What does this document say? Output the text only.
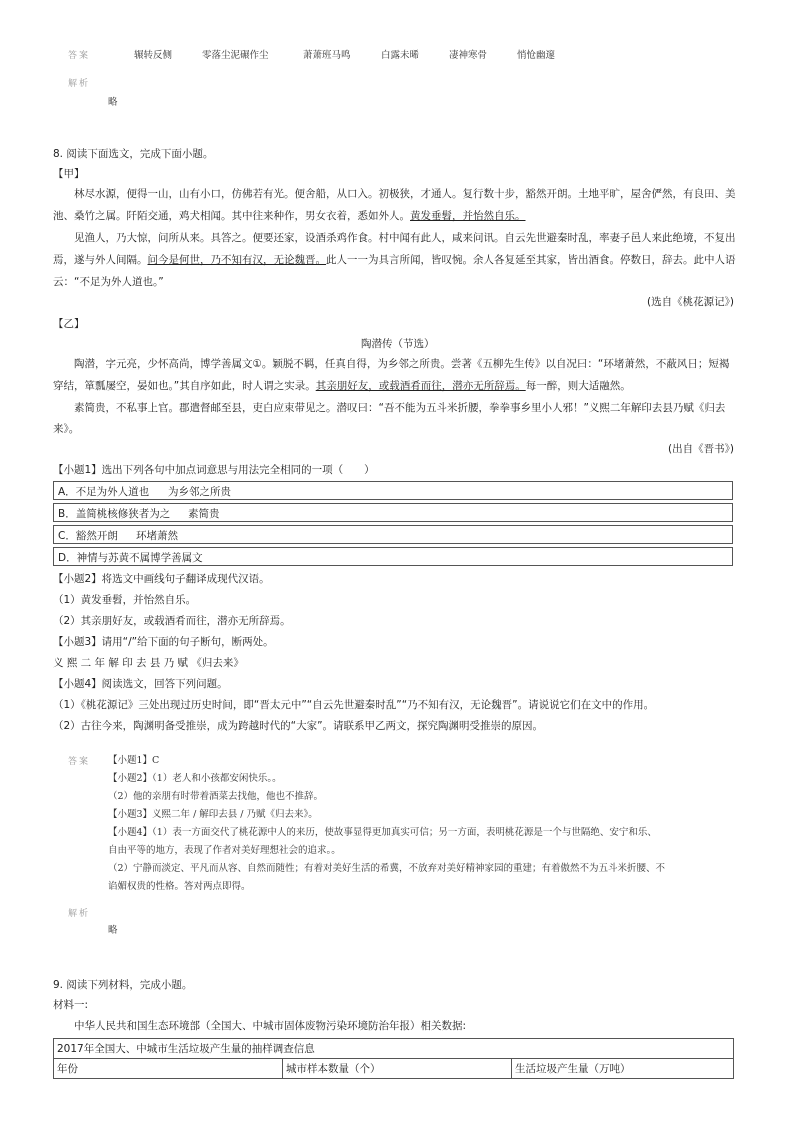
答案	辗转反侧	零落尘泥碾作尘	萧萧班马鸣	白露未晞	凄神寒骨	悄怆幽邃
解析
略
8. 阅读下面选文，完成下面小题。
【甲】
林尽水源，便得一山，山有小口，仿佛若有光。便舍船，从口入。初极狭，才通人。复行数十步，豁然开朗。土地平旷，屋舍俨然，有良田、美
池、桑竹之属。阡陌交通，鸡犬相闻。其中往来种作，男女衣着，悉如外人。黄发垂髫，并怡然自乐。
见渔人，乃大惊，问所从来。具答之。便要还家，设酒杀鸡作食。村中闻有此人，咸来问讯。自云先世避秦时乱，率妻子邑人来此绝境，不复出
焉，遂与外人间隔。问今是何世，乃不知有汉，无论魏晋。此人一一为具言所闻，皆叹惋。余人各复延至其家，皆出酒食。停数日，辞去。此中人语
云：“不足为外人道也。”
(选自《桃花源记》)
【乙】
陶潜传（节选）
陶潜，字元亮，少怀高尚，博学善属文①。颖脱不羁，任真自得，为乡邻之所贵。尝著《五柳先生传》以自况曰：“环堵萧然，不蔽风日；短褐
穿结，箪瓢屡空，晏如也。”其自序如此，时人谓之实录。其亲朋好友，或载酒肴而往，潜亦无所辞焉。每一醉，则大适融然。
素简贵，不私事上官。郡遣督邮至县，吏白应束带见之。潜叹曰：“吾不能为五斗米折腰，拳拳事乡里小人邪！”义熙二年解印去县乃赋《归去
来》。
(出自《晋书》)
【小题1】选出下列各句中加点词意思与用法完全相同的一项（　　）
A．不足为外人道也 为乡邻之所贵
B．盖简桃核修狭者为之 素简贵
C．豁然开朗 环堵萧然
D．神情与苏黄不属博学善属文
【小题2】将选文中画线句子翻译成现代汉语。
（1）黄发垂髫，并怡然自乐。
（2）其亲朋好友，或载酒肴而往，潜亦无所辞焉。
【小题3】请用“/”给下面的句子断句，断两处。
义 熙 二 年 解 印 去 县 乃 赋 《归去来》
【小题4】阅读选文，回答下列问题。
（1）《桃花源记》三处出现过历史时间，即“晋太元中”“自云先世避秦时乱”“乃不知有汉，无论魏晋”。请说说它们在文中的作用。
（2）古往今来，陶渊明备受推崇，成为跨越时代的“大家”。请联系甲乙两文，探究陶渊明受推崇的原因。
答案 【小题1】C
【小题2】（1）老人和小孩都安闲快乐。。
（2）他的亲朋有时带着酒菜去找他，他也不推辞。
【小题3】义熙二年 / 解印去县 / 乃赋《归去来》。
【小题4】（1）表一方面交代了桃花源中人的来历，使故事显得更加真实可信；另一方面，表明桃花源是一个与世隔绝、安宁和乐、
自由平等的地方，表现了作者对美好理想社会的追求。。
（2）宁静而淡定、平凡而从容、自然而随性；有着对美好生活的希冀，不放弃对美好精神家园的重建；有着傲然不为五斗米折腰、不
谄媚权贵的性格。答对两点即得。
解析
略
9. 阅读下列材料，完成小题。
材料一:
中华人民共和国生态环境部（全国大、中城市固体废物污染环境防治年报）相关数据:
2017年全国大、中城市生活垃圾产生量的抽样调查信息
年份	城市样本数量（个）	生活垃圾产生量（万吨）
